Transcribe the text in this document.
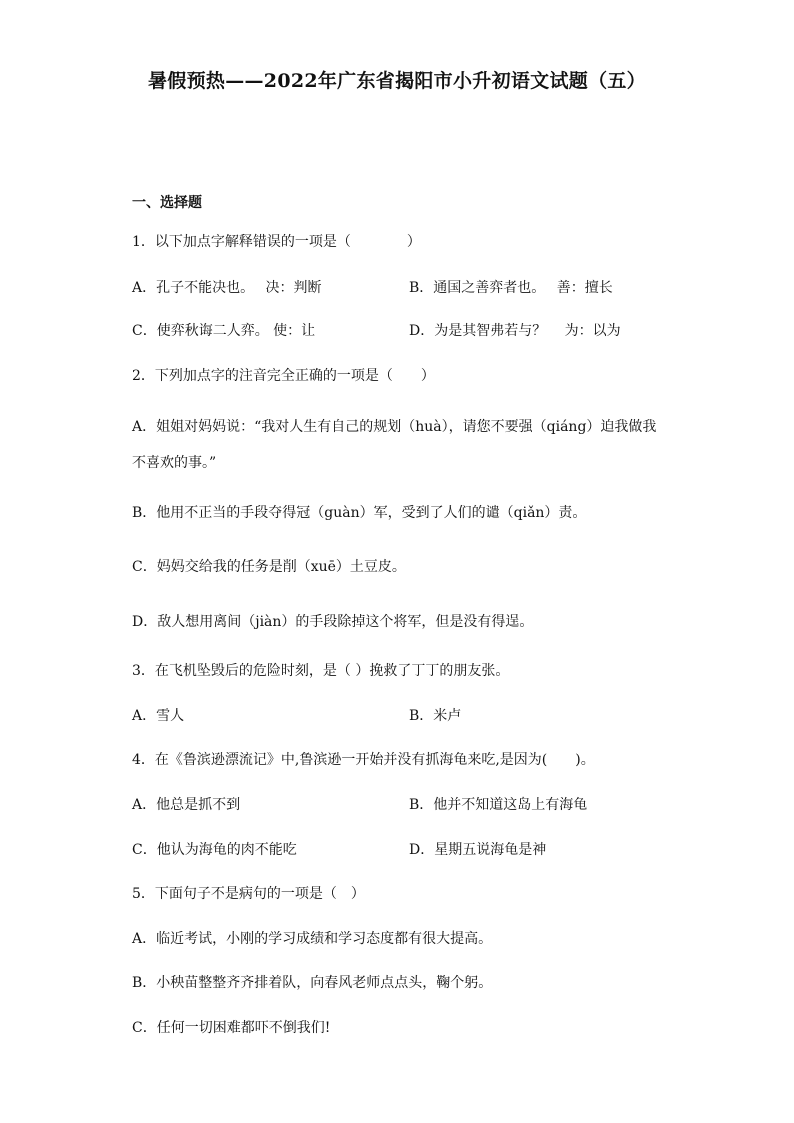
暑假预热——2022年广东省揭阳市小升初语文试题（五）
一、选择题
1．以下加点字解释错误的一项是（　　　　）
A．孔子不能决也。　 决：判断	B．通国之善弈者也。　 善：擅长
C．使弈秋诲二人弈。 使：让	D．为是其智弗若与？　 为：以为
2．下列加点字的注音完全正确的一项是（　　）
A．姐姐对妈妈说：“我对人生有自己的规划（huà），请您不要强（qiáng）迫我做我
不喜欢的事。”
B．他用不正当的手段夺得冠（guàn）军，受到了人们的谴（qiǎn）责。
C．妈妈交给我的任务是削（xuē）土豆皮。
D．敌人想用离间（jiàn）的手段除掉这个将军，但是没有得逞。
3．在飞机坠毁后的危险时刻，是（ ）挽救了丁丁的朋友张。
A．雪人	B．米卢
4．在《鲁滨逊漂流记》中,鲁滨逊一开始并没有抓海龟来吃,是因为(　　)。
A．他总是抓不到	B．他并不知道这岛上有海龟
C．他认为海龟的肉不能吃	D．星期五说海龟是神
5．下面句子不是病句的一项是（　）
A．临近考试，小刚的学习成绩和学习态度都有很大提高。
B．小秧苗整整齐齐排着队，向春风老师点点头，鞠个躬。
C．任何一切困难都吓不倒我们!
